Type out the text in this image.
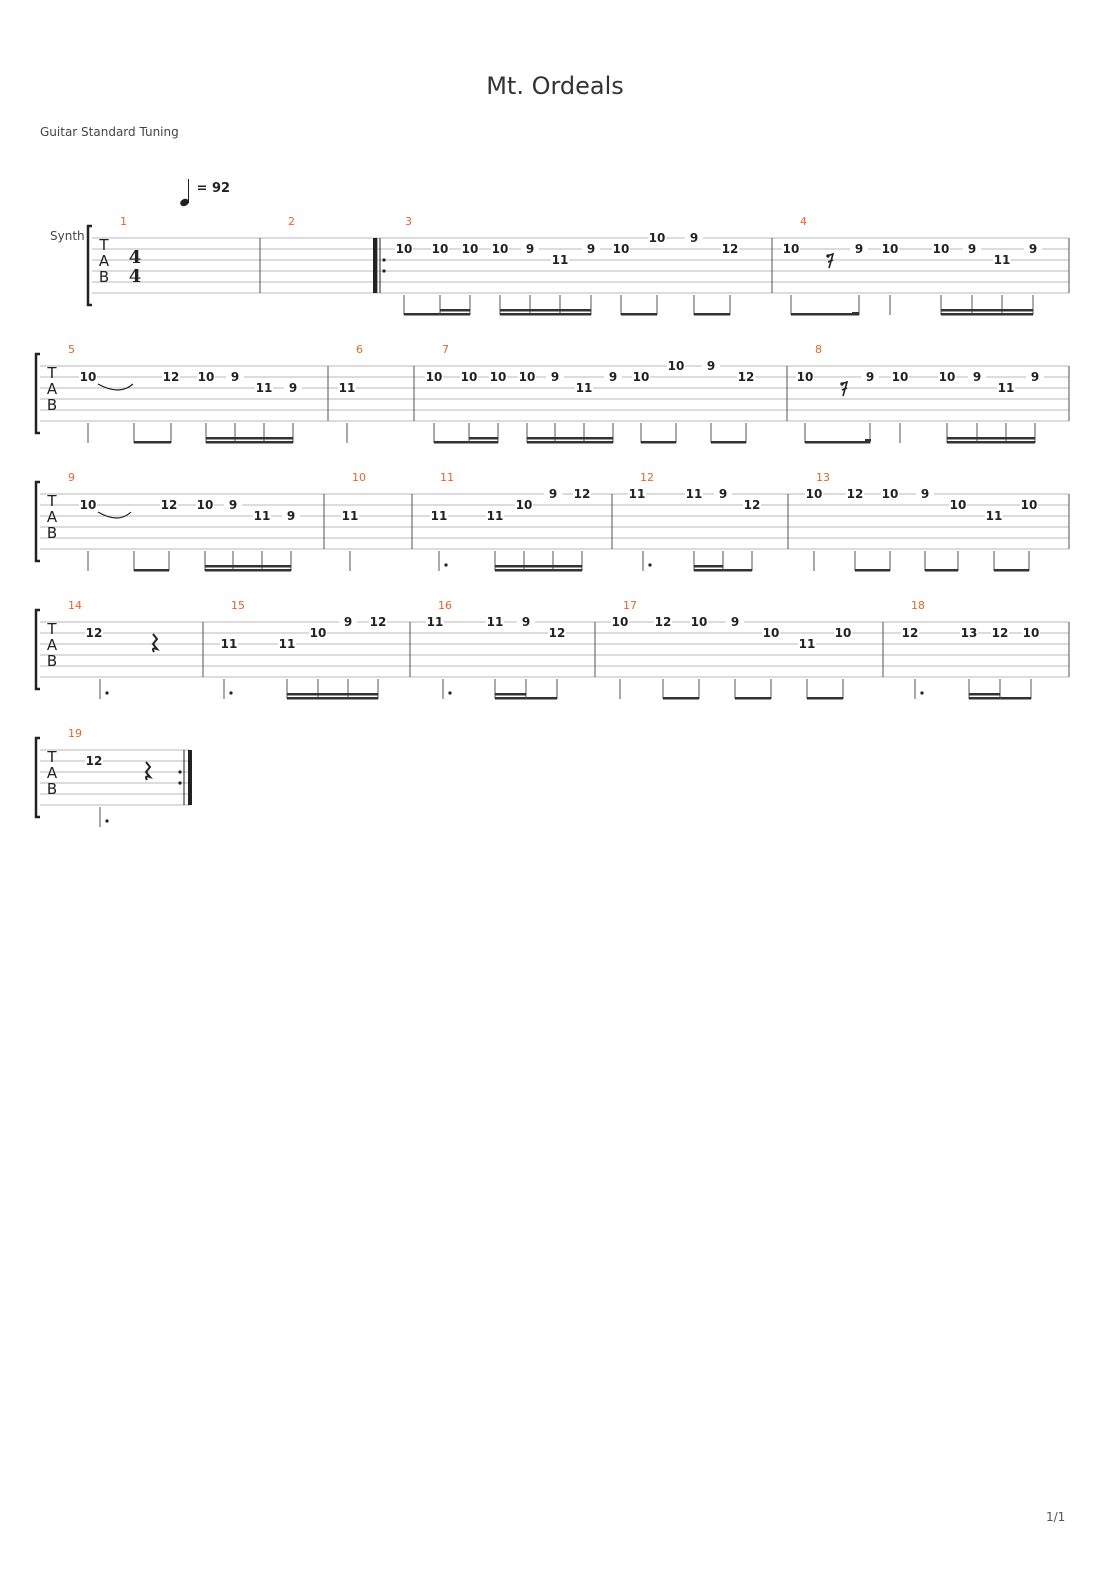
Mt. Ordeals
Guitar Standard Tuning
= 92
Synth
1/1
T
A
B
T
A
B
T
A
B
T
A
B
T
A
B
1
4
4
2	3
10 10 10 10 9
11
9 10
10 9
12
4
10	9 10	10 9
11
9
5
10	12 10 9
11 9
6
11
7
10 10 10 10 9
11
9 10
10 9
12
8
10	9 10	10 9
11
9
9
10	12 10 9
11 9
10
11
11
11	11
10
9 12
12
11	11 9
12
13
10 12 10 9
10
11
10
14
12
15
11	11
10
9 12
16
11	11 9
12
17
10 12 10 9
10
11
10
18
12	13 12 10
19
12
